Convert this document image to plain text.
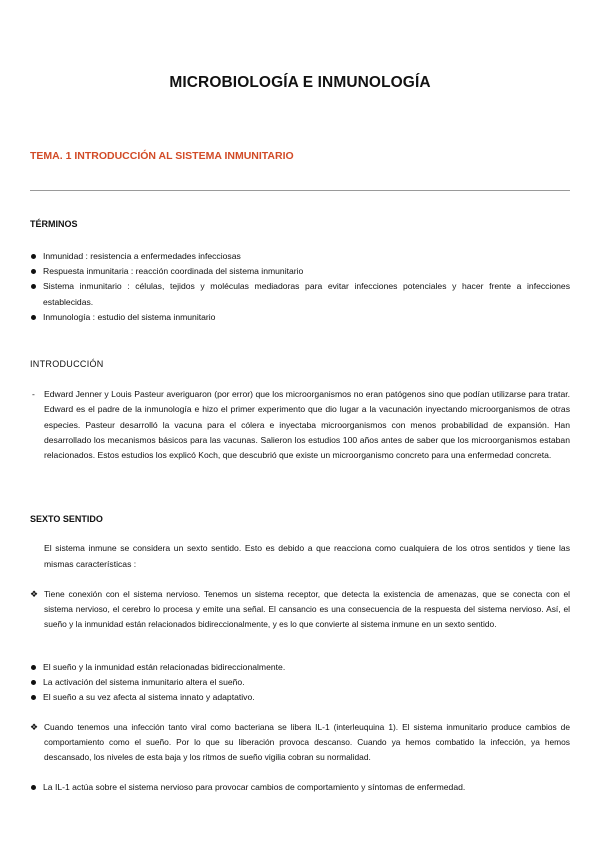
MICROBIOLOGÍA E INMUNOLOGÍA
TEMA. 1 INTRODUCCIÓN AL SISTEMA INMUNITARIO
TÉRMINOS
Inmunidad : resistencia a enfermedades infecciosas
Respuesta inmunitaria : reacción coordinada del sistema inmunitario
Sistema inmunitario : células, tejidos y moléculas mediadoras para evitar infecciones potenciales y hacer frente a infecciones establecidas.
Inmunología : estudio del sistema inmunitario
INTRODUCCIÓN
- Edward Jenner y Louis Pasteur averiguaron (por error) que los microorganismos no eran patógenos sino que podían utilizarse para tratar. Edward es el padre de la inmunología e hizo el primer experimento que dio lugar a la vacunación inyectando microorganismos de otras especies. Pasteur desarrolló la vacuna para el cólera e inyectaba microorganismos con menos probabilidad de expansión. Han desarrollado los mecanismos básicos para las vacunas. Salieron los estudios 100 años antes de saber que los microorganismos estaban relacionados. Estos estudios los explicó Koch, que descubrió que existe un microorganismo concreto para una enfermedad concreta.
SEXTO SENTIDO
El sistema inmune se considera un sexto sentido. Esto es debido a que reacciona como cualquiera de los otros sentidos y tiene las mismas características :
❖ Tiene conexión con el sistema nervioso. Tenemos un sistema receptor, que detecta la existencia de amenazas, que se conecta con el sistema nervioso, el cerebro lo procesa y emite una señal. El cansancio es una consecuencia de la respuesta del sistema nervioso. Así, el sueño y la inmunidad están relacionados bidireccionalmente, y es lo que convierte al sistema inmune en un sexto sentido.
El sueño y la inmunidad están relacionadas bidireccionalmente.
La activación del sistema inmunitario altera el sueño.
El sueño a su vez afecta al sistema innato y adaptativo.
❖ Cuando tenemos una infección tanto viral como bacteriana se libera IL-1 (interleuquina 1). El sistema inmunitario produce cambios de comportamiento como el sueño. Por lo que su liberación provoca descanso. Cuando ya hemos combatido la infección, ya hemos descansado, los niveles de esta baja y los ritmos de sueño vigilia cobran su normalidad.
La IL-1 actúa sobre el sistema nervioso para provocar cambios de comportamiento y síntomas de enfermedad.
